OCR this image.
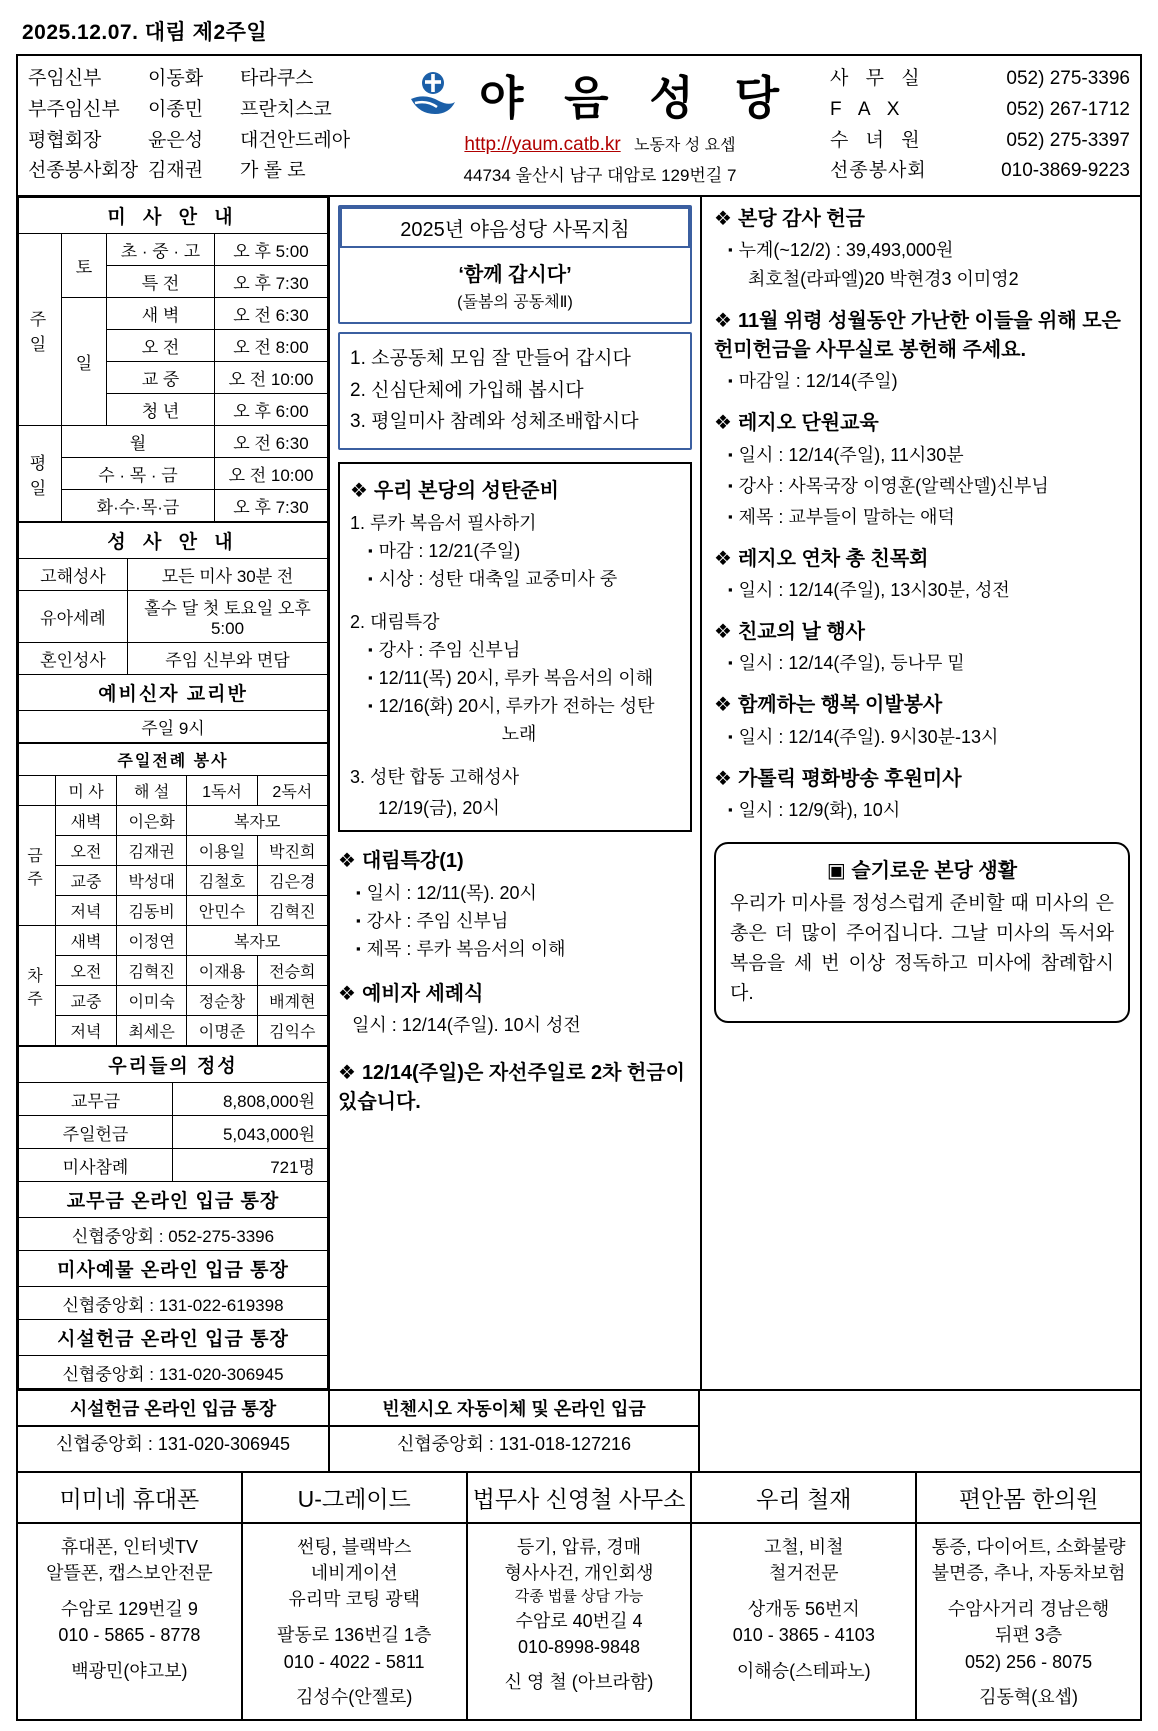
2025.12.07. 대림 제2주일
주임신부	이동화	타라쿠스
부주임신부	이종민	프란치스코
평협회장	윤은성	대건안드레아
선종봉사회장 김재권	가 롤 로
야 음 성 당
http://yaum.catb.kr 노동자 성 요셉
44734 울산시 남구 대암로 129번길 7
사 무 실	052) 275-3396
F A X	052) 267-1712
수 녀 원	052) 275-3397
선종봉사회	010-3869-9223
미 사 안 내			
주 일	토	초 · 중 · 고	오 후 5:00
		특 전	오 후 7:30
	일	새 벽	오 전 6:30
		오 전	오 전 8:00
		교 중	오 전 10:00
		청 년	오 후 6:00
평 일	월		오 전 6:30
	수 · 목 · 금		오 전 10:00
	화·수·목·금		오 후 7:30
성 사 안 내	
고해성사	모든 미사 30분 전
유아세례	홀수 달 첫 토요일 오후 5:00
혼인성사	주임 신부와 면담
예비신자 교리반	
주일 9시	
주일전례 봉사				
	미 사	해 설	1독서	2독서
금
주	새벽	이은화	복자모	
	오전	김재권	이용일	박진희
	교중	박성대	김철호	김은경
	저녁	김동비	안민수	김혁진
차
주	새벽	이정연	복자모	
	오전	김혁진	이재용	전승희
	교중	이미숙	정순창	배계현
	저녁	최세은	이명준	김익수
우리들의 정성	
교무금	8,808,000원
주일헌금	5,043,000원
미사참례	721명
교무금 온라인 입금 통장	
신협중앙회 : 052-275-3396	
미사예물 온라인 입금 통장	
신협중앙회 : 131-022-619398	
시설헌금 온라인 입금 통장	
신협중앙회 : 131-020-306945	
2025년 야음성당 사목지침
‘함께 갑시다’
(돌봄의 공동체Ⅱ)
1. 소공동체 모임 잘 만들어 갑시다
2. 신심단체에 가입해 봅시다
3. 평일미사 참례와 성체조배합시다
❖ 우리 본당의 성탄준비
1. 루카 복음서 필사하기
▪ 마감 : 12/21(주일)
▪ 시상 : 성탄 대축일 교중미사 중
2. 대림특강
▪ 강사 : 주임 신부님
▪ 12/11(목) 20시, 루카 복음서의 이해
▪ 12/16(화) 20시, 루카가 전하는 성탄
노래
3. 성탄 합동 고해성사
12/19(금), 20시
❖ 대림특강(1)
▪ 일시 : 12/11(목). 20시
▪ 강사 : 주임 신부님
▪ 제목 : 루카 복음서의 이해
❖ 예비자 세례식
일시 : 12/14(주일). 10시 성전
❖ 12/14(주일)은 자선주일로 2차 헌금이 있습니다.
❖ 본당 감사 헌금
▪ 누계(~12/2) : 39,493,000원
최호철(라파엘)20 박현경3 이미영2
❖ 11월 위령 성월동안 가난한 이들을 위해 모은 헌미헌금을 사무실로 봉헌해 주세요.
▪ 마감일 : 12/14(주일)
❖ 레지오 단원교육
▪ 일시 : 12/14(주일), 11시30분
▪ 강사 : 사목국장 이영훈(알렉산델)신부님
▪ 제목 : 교부들이 말하는 애덕
❖ 레지오 연차 총 친목회
▪ 일시 : 12/14(주일), 13시30분, 성전
❖ 친교의 날 행사
▪ 일시 : 12/14(주일), 등나무 밑
❖ 함께하는 행복 이발봉사
▪ 일시 : 12/14(주일). 9시30분-13시
❖ 가톨릭 평화방송 후원미사
▪ 일시 : 12/9(화), 10시
▣ 슬기로운 본당 생활
우리가 미사를 정성스럽게 준비할 때 미사의 은총은 더 많이 주어집니다. 그날 미사의 독서와 복음을 세 번 이상 정독하고 미사에 참례합시다.
시설헌금 온라인 입금 통장
신협중앙회 : 131-020-306945
빈첸시오 자동이체 및 온라인 입금
신협중앙회 : 131-018-127216
미미네 휴대폰
휴대폰, 인터넷TV
알뜰폰, 캡스보안전문
수암로 129번길 9
010 - 5865 - 8778
백광민(야고보)
U-그레이드
썬팅, 블랙박스
네비게이션
유리막 코팅 광택
팔동로 136번길 1층
010 - 4022 - 5811
김성수(안젤로)
법무사 신영철 사무소
등기, 압류, 경매
형사사건, 개인회생
각종 법률 상담 가능
수암로 40번길 4
010-8998-9848
신 영 철 (아브라함)
우리 철재
고철, 비철
철거전문
상개동 56번지
010 - 3865 - 4103
이해승(스테파노)
편안몸 한의원
통증, 다이어트, 소화불량
불면증, 추나, 자동차보험
수암사거리 경남은행
뒤편 3층
052) 256 - 8075
김동혁(요셉)
